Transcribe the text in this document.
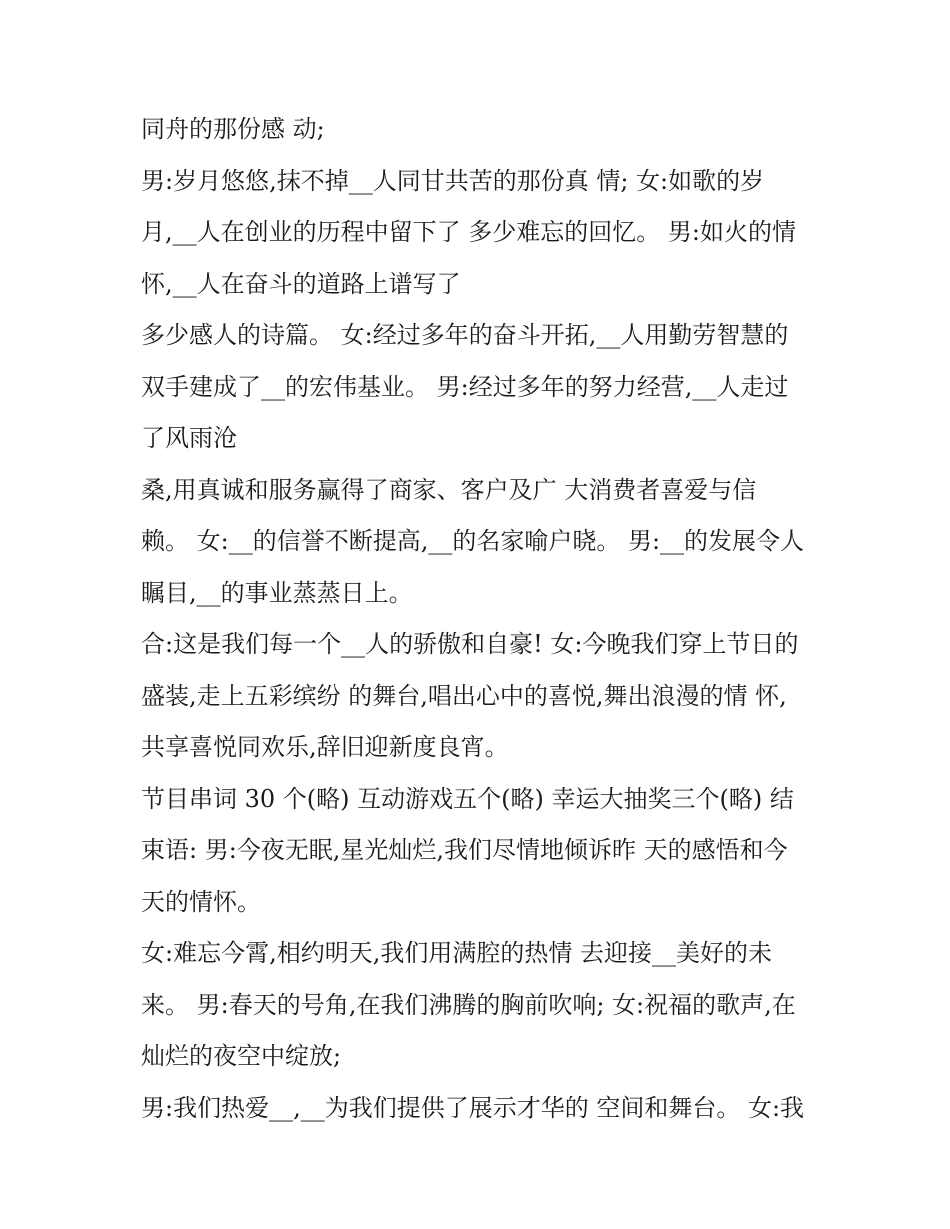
同舟的那份感 动;
男:岁月悠悠,抹不掉__人同甘共苦的那份真 情; 女:如歌的岁
月,__人在创业的历程中留下了 多少难忘的回忆。 男:如火的情
怀,__人在奋斗的道路上谱写了
多少感人的诗篇。 女:经过多年的奋斗开拓,__人用勤劳智慧的
双手建成了__的宏伟基业。 男:经过多年的努力经营,__人走过
了风雨沧
桑,用真诚和服务赢得了商家、客户及广 大消费者喜爱与信
赖。 女:__的信誉不断提高,__的名家喻户晓。 男:__的发展令人
瞩目,__的事业蒸蒸日上。
合:这是我们每一个__人的骄傲和自豪! 女:今晚我们穿上节日的
盛装,走上五彩缤纷 的舞台,唱出心中的喜悦,舞出浪漫的情 怀,
共享喜悦同欢乐,辞旧迎新度良宵。
节目串词 30 个(略) 互动游戏五个(略) 幸运大抽奖三个(略) 结
束语: 男:今夜无眠,星光灿烂,我们尽情地倾诉昨 天的感悟和今
天的情怀。
女:难忘今霄,相约明天,我们用满腔的热情 去迎接__美好的未
来。 男:春天的号角,在我们沸腾的胸前吹响; 女:祝福的歌声,在
灿烂的夜空中绽放;
男:我们热爱__,__为我们提供了展示才华的 空间和舞台。 女:我
